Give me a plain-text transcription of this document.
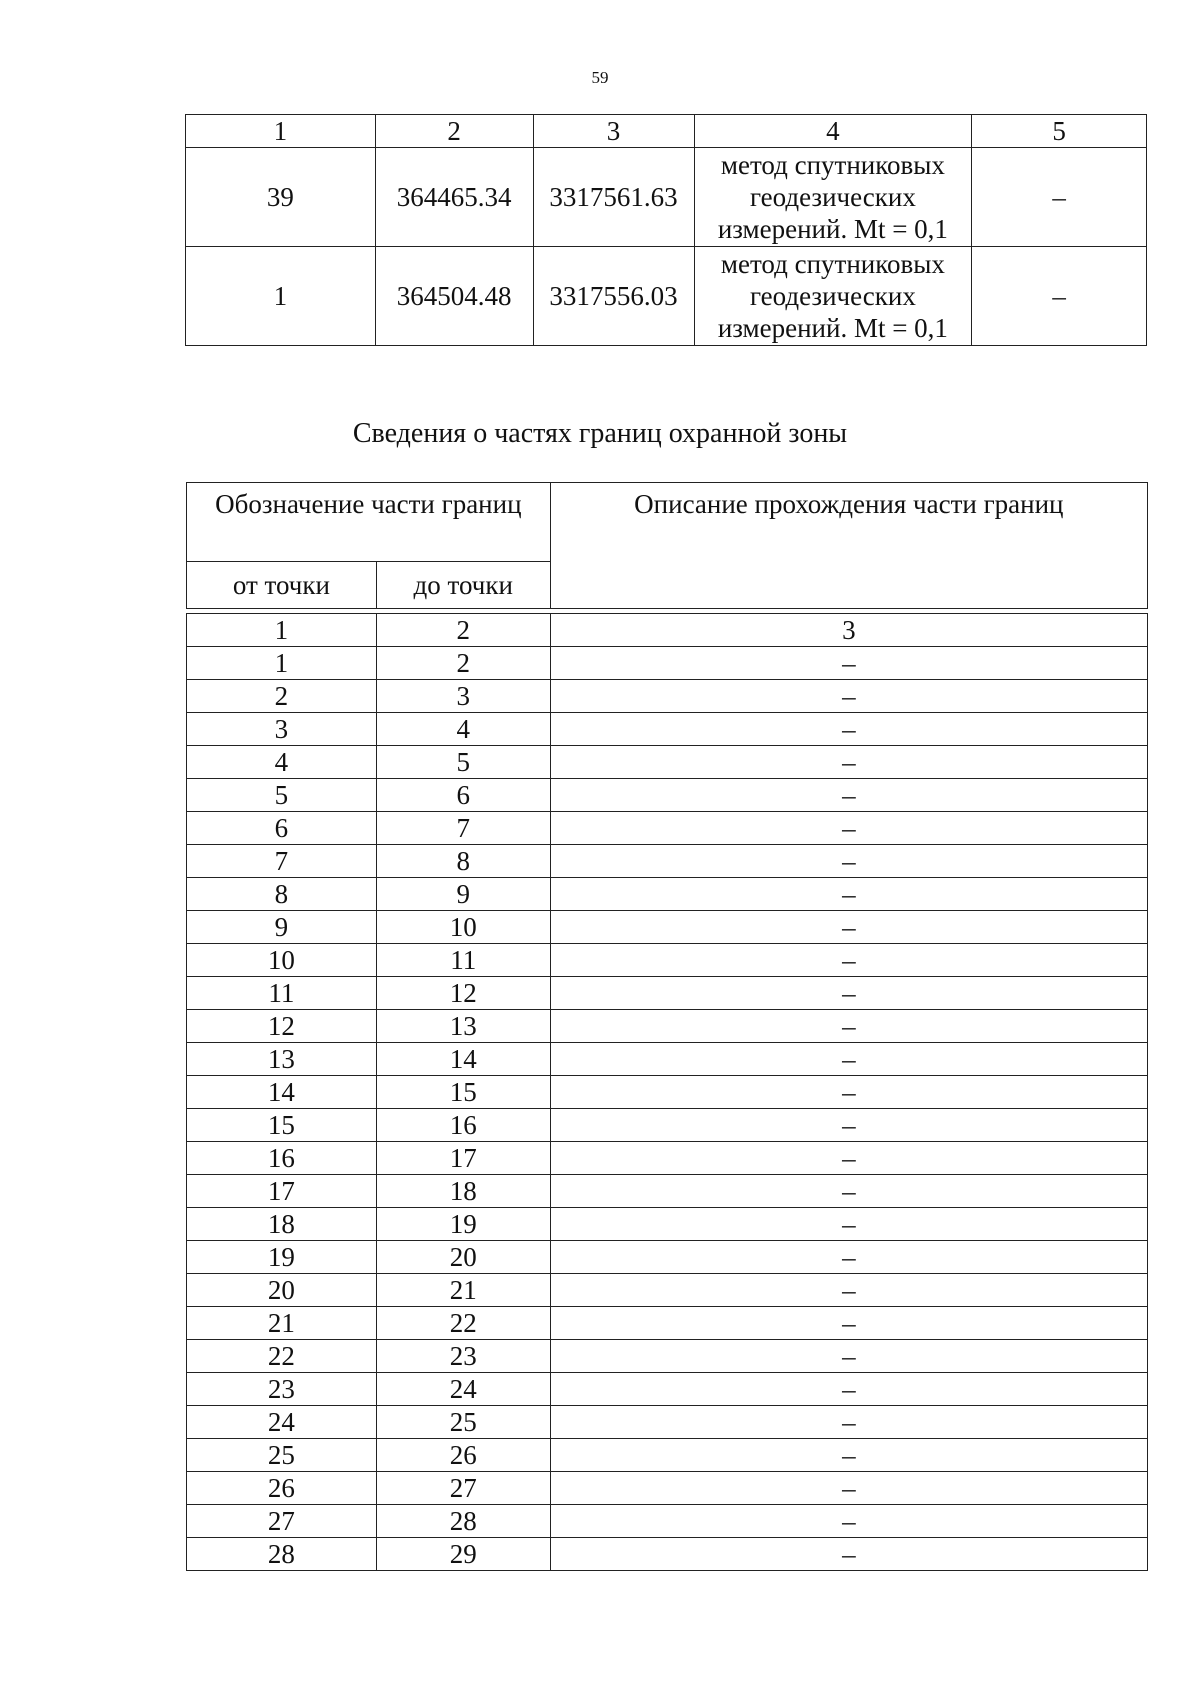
59
1	2	3	4	5
39	364465.34	3317561.63	метод спутниковых
геодезических
измерений. Mt = 0,1	–
1	364504.48	3317556.03	метод спутниковых
геодезических
измерений. Mt = 0,1	–
Сведения о частях границ охранной зоны
Обозначение части границ		Описание прохождения части границ
от точки	до точки	

1	2	3
1	2	–
2	3	–
3	4	–
4	5	–
5	6	–
6	7	–
7	8	–
8	9	–
9	10	–
10	11	–
11	12	–
12	13	–
13	14	–
14	15	–
15	16	–
16	17	–
17	18	–
18	19	–
19	20	–
20	21	–
21	22	–
22	23	–
23	24	–
24	25	–
25	26	–
26	27	–
27	28	–
28	29	–
